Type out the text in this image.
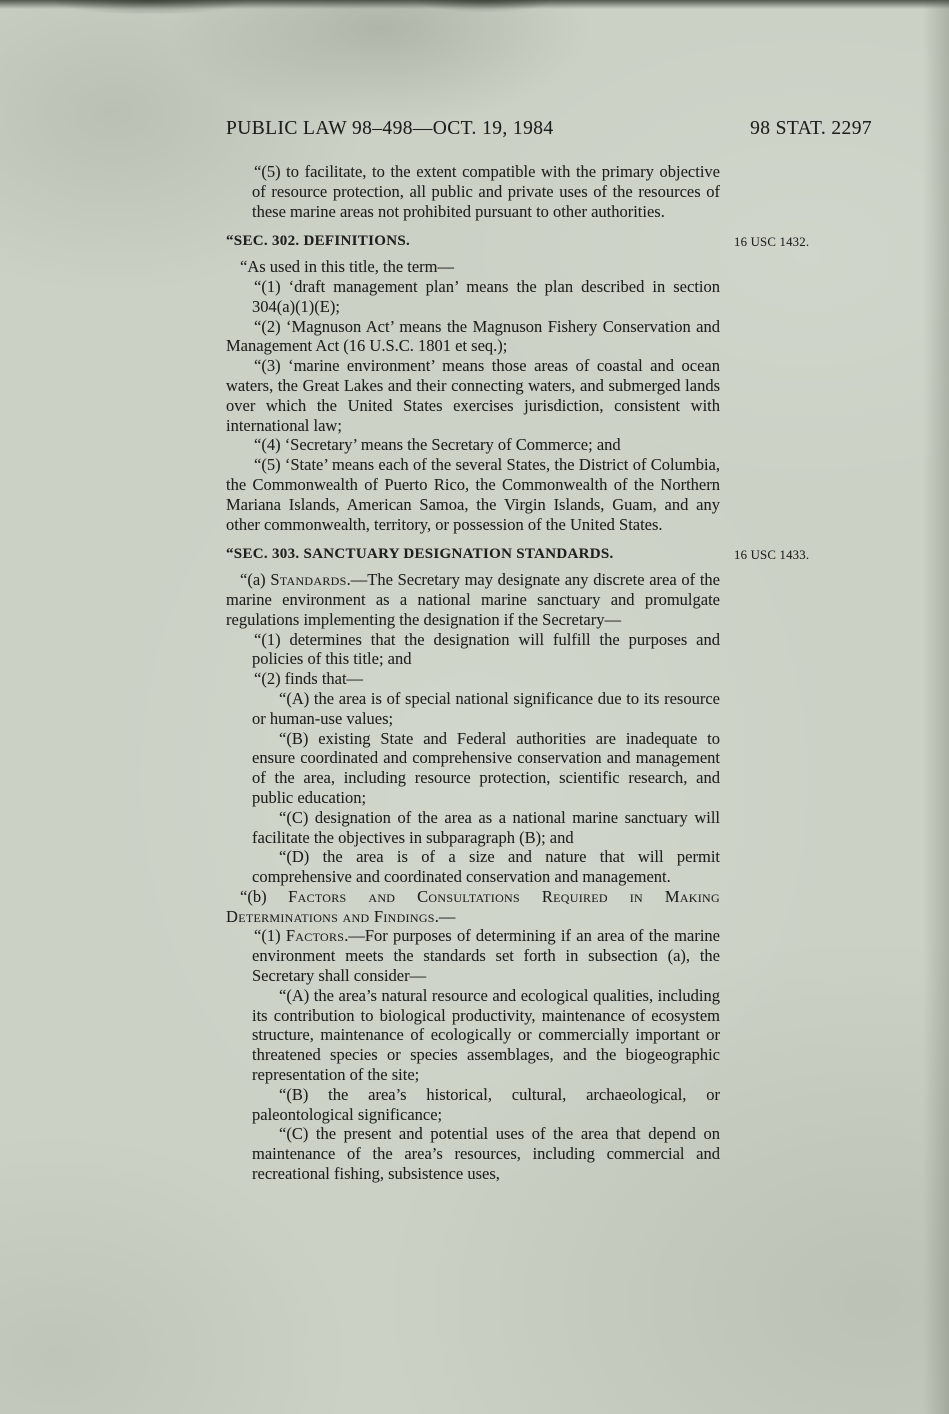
PUBLIC LAW 98–498—OCT. 19, 1984	98 STAT. 2297
“(5) to facilitate, to the extent compatible with the primary objective of resource protection, all public and private uses of the resources of these marine areas not prohibited pursuant to other authorities.
“SEC. 302. DEFINITIONS.	16 USC 1432.
“As used in this title, the term—
“(1) ‘draft management plan’ means the plan described in section 304(a)(1)(E);
“(2) ‘Magnuson Act’ means the Magnuson Fishery Conservation and Management Act (16 U.S.C. 1801 et seq.);
“(3) ‘marine environment’ means those areas of coastal and ocean waters, the Great Lakes and their connecting waters, and submerged lands over which the United States exercises jurisdiction, consistent with international law;
“(4) ‘Secretary’ means the Secretary of Commerce; and
“(5) ‘State’ means each of the several States, the District of Columbia, the Commonwealth of Puerto Rico, the Commonwealth of the Northern Mariana Islands, American Samoa, the Virgin Islands, Guam, and any other commonwealth, territory, or possession of the United States.
“SEC. 303. SANCTUARY DESIGNATION STANDARDS.	16 USC 1433.
“(a) Standards.—The Secretary may designate any discrete area of the marine environment as a national marine sanctuary and promulgate regulations implementing the designation if the Secretary—
“(1) determines that the designation will fulfill the purposes and policies of this title; and
“(2) finds that—
“(A) the area is of special national significance due to its resource or human-use values;
“(B) existing State and Federal authorities are inadequate to ensure coordinated and comprehensive conservation and management of the area, including resource protection, scientific research, and public education;
“(C) designation of the area as a national marine sanctuary will facilitate the objectives in subparagraph (B); and
“(D) the area is of a size and nature that will permit comprehensive and coordinated conservation and management.
“(b) Factors and Consultations Required in Making Determinations and Findings.—
“(1) Factors.—For purposes of determining if an area of the marine environment meets the standards set forth in subsection (a), the Secretary shall consider—
“(A) the area’s natural resource and ecological qualities, including its contribution to biological productivity, maintenance of ecosystem structure, maintenance of ecologically or commercially important or threatened species or species assemblages, and the biogeographic representation of the site;
“(B) the area’s historical, cultural, archaeological, or paleontological significance;
“(C) the present and potential uses of the area that depend on maintenance of the area’s resources, including commercial and recreational fishing, subsistence uses,
